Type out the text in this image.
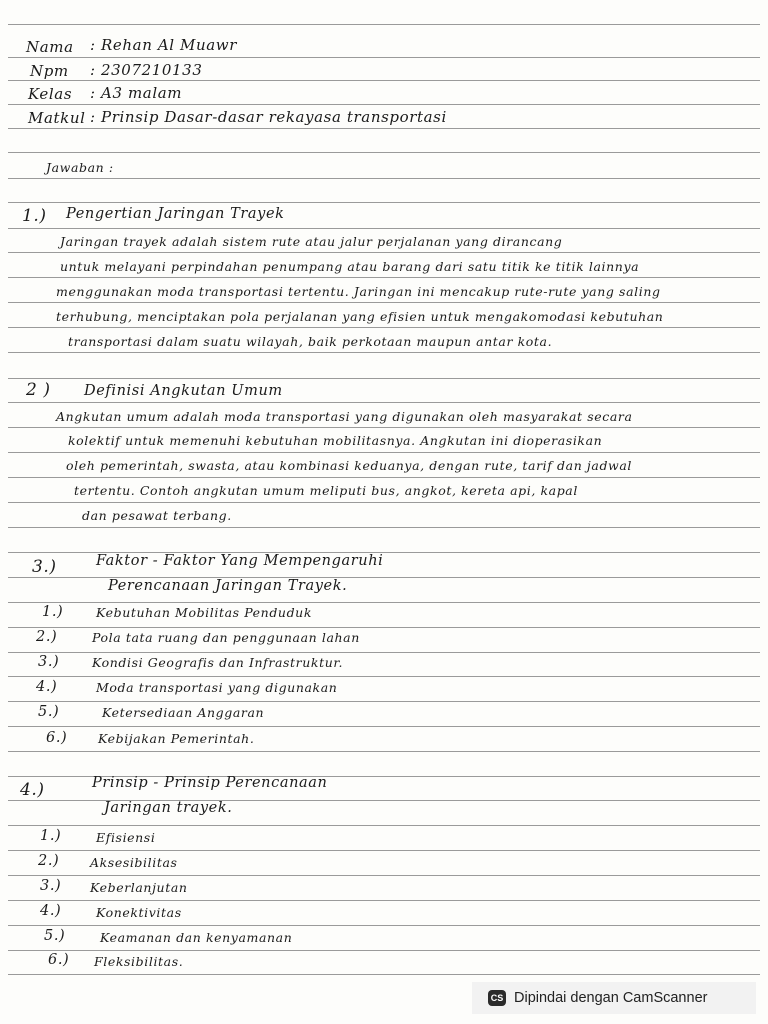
Nama : Rehan Al Muawr
Npm : 2307210133
Kelas : A3 malam
Matkul : Prinsip Dasar-dasar rekayasa transportasi
Jawaban :
1.) Pengertian Jaringan Trayek
Jaringan trayek adalah sistem rute atau jalur perjalanan yang dirancang
untuk melayani perpindahan penumpang atau barang dari satu titik ke titik lainnya
menggunakan moda transportasi tertentu. Jaringan ini mencakup rute-rute yang saling
terhubung, menciptakan pola perjalanan yang efisien untuk mengakomodasi kebutuhan
transportasi dalam suatu wilayah, baik perkotaan maupun antar kota.
2 ) Definisi Angkutan Umum
Angkutan umum adalah moda transportasi yang digunakan oleh masyarakat secara
kolektif untuk memenuhi kebutuhan mobilitasnya. Angkutan ini dioperasikan
oleh pemerintah, swasta, atau kombinasi keduanya, dengan rute, tarif dan jadwal
tertentu. Contoh angkutan umum meliputi bus, angkot, kereta api, kapal
dan pesawat terbang.
3.)	Faktor - Faktor Yang Mempengaruhi
Perencanaan Jaringan Trayek.
1.)	Kebutuhan Mobilitas Penduduk
2.)	Pola tata ruang dan penggunaan lahan
3.)	Kondisi Geografis dan Infrastruktur.
4.)	Moda transportasi yang digunakan
5.)	Ketersediaan Anggaran
6.) Kebijakan Pemerintah.
4.)	Prinsip - Prinsip Perencanaan
Jaringan trayek.
1.)	Efisiensi
2.) Aksesibilitas
3.) Keberlanjutan
4.)	Konektivitas
5.)	Keamanan dan kenyamanan
6.) Fleksibilitas.
CS Dipindai dengan CamScanner
